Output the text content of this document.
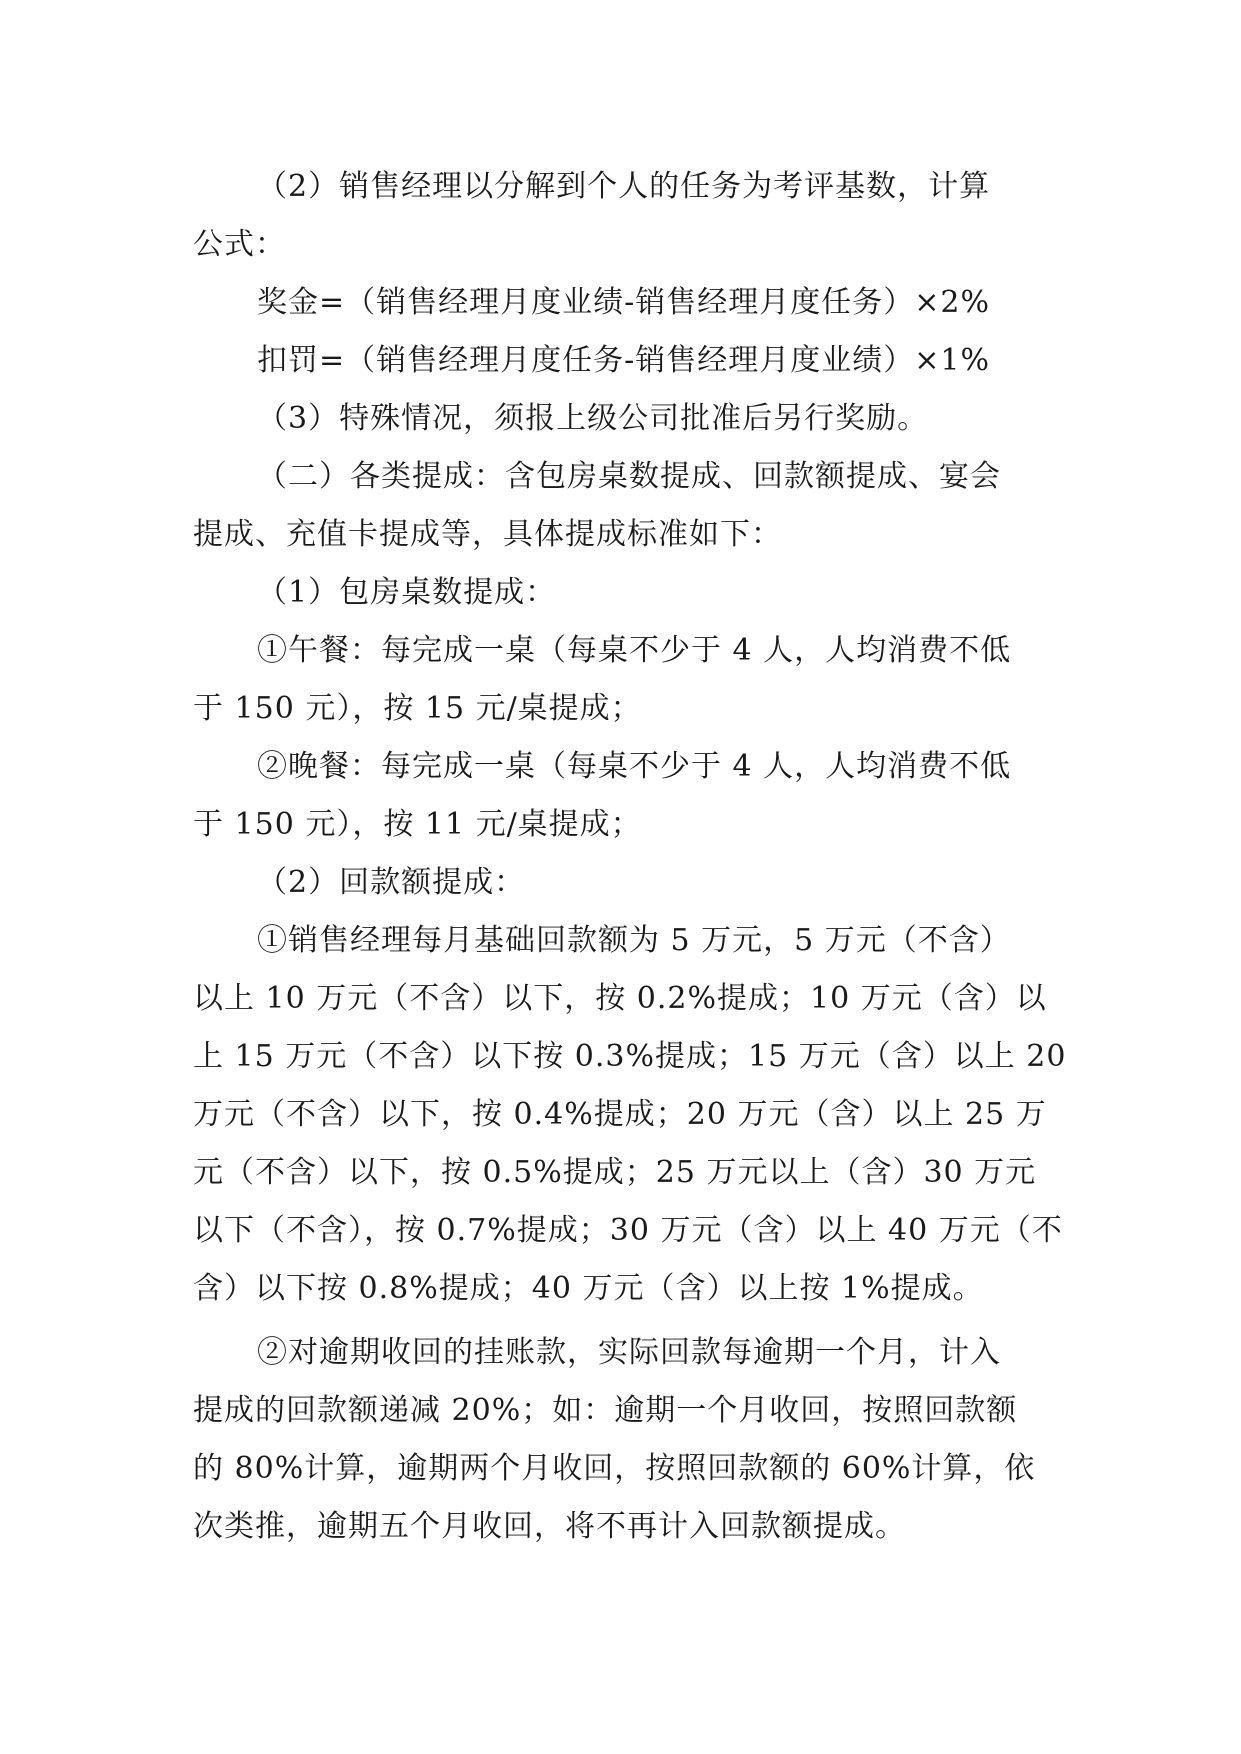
（2）销售经理以分解到个人的任务为考评基数，计算
公式：

奖金=（销售经理月度业绩-销售经理月度任务）×2%

扣罚=（销售经理月度任务-销售经理月度业绩）×1%

（3）特殊情况，须报上级公司批准后另行奖励。

（二）各类提成：含包房桌数提成、回款额提成、宴会
提成、充值卡提成等，具体提成标准如下：

（1）包房桌数提成：

①午餐：每完成一桌（每桌不少于 4 人，人均消费不低
于 150 元），按 15 元/桌提成；

②晚餐：每完成一桌（每桌不少于 4 人，人均消费不低
于 150 元），按 11 元/桌提成；

（2）回款额提成：

①销售经理每月基础回款额为 5 万元，5 万元（不含）
以上 10 万元（不含）以下，按 0.2%提成；10 万元（含）以
上 15 万元（不含）以下按 0.3%提成；15 万元（含）以上 20
万元（不含）以下，按 0.4%提成；20 万元（含）以上 25 万
元（不含）以下，按 0.5%提成；25 万元以上（含）30 万元
以下（不含），按 0.7%提成；30 万元（含）以上 40 万元（不
含）以下按 0.8%提成；40 万元（含）以上按 1%提成。

②对逾期收回的挂账款，实际回款每逾期一个月，计入
提成的回款额递减 20%；如：逾期一个月收回，按照回款额
的 80%计算，逾期两个月收回，按照回款额的 60%计算，依
次类推，逾期五个月收回，将不再计入回款额提成。
